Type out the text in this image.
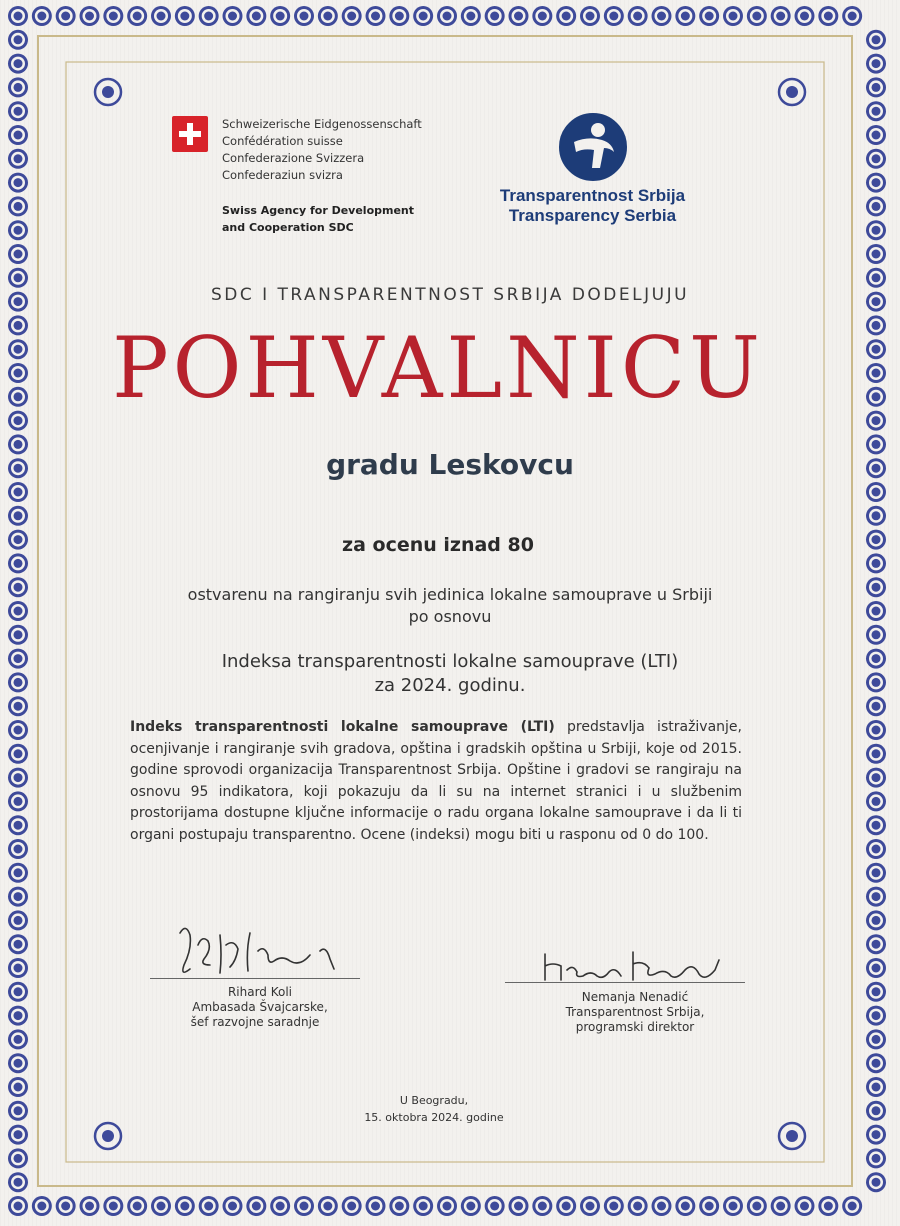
Schweizerische Eidgenossenschaft
Confédération suisse
Confederazione Svizzera
Confederaziun svizra
Swiss Agency for Development
and Cooperation SDC
Transparentnost Srbija
Transparency Serbia
SDC I TRANSPARENTNOST SRBIJA DODELJUJU
POHVALNICU
gradu Leskovcu
za ocenu iznad 80
ostvarenu na rangiranju svih jedinica lokalne samouprave u Srbiji
po osnovu
Indeksa transparentnosti lokalne samouprave (LTI)
za 2024. godinu.
Indeks transparentnosti lokalne samouprave (LTI) predstavlja istraživanje, ocenjivanje i rangiranje svih gradova, opština i gradskih opština u Srbiji, koje od 2015. godine sprovodi organizacija Transparentnost Srbija. Opštine i gradovi se rangiraju na osnovu 95 indikatora, koji pokazuju da li su na internet stranici i u službenim prostorijama dostupne ključne informacije o radu organa lokalne samouprave i da li ti organi postupaju transparentno. Ocene (indeksi) mogu biti u rasponu od 0 do 100.
Rihard Koli
Ambasada Švajcarske,
šef razvojne saradnje
Nemanja Nenadić
Transparentnost Srbija,
programski direktor
U Beogradu,
15. oktobra 2024. godine
